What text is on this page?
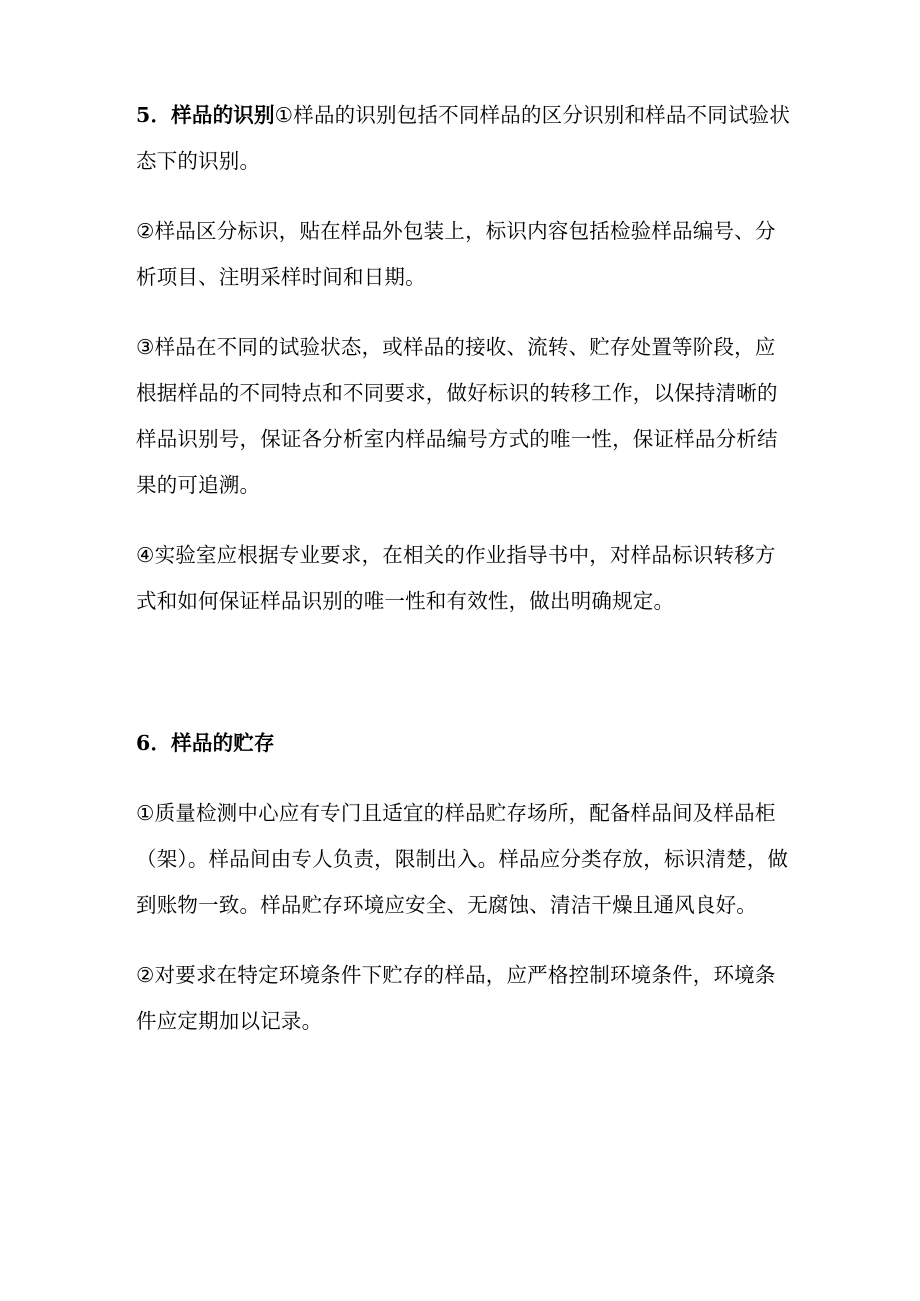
5．样品的识别①样品的识别包括不同样品的区分识别和样品不同试验状态下的识别。

②样品区分标识，贴在样品外包装上，标识内容包括检验样品编号、分析项目、注明采样时间和日期。

③样品在不同的试验状态，或样品的接收、流转、贮存处置等阶段，应根据样品的不同特点和不同要求，做好标识的转移工作，以保持清晰的样品识别号，保证各分析室内样品编号方式的唯一性，保证样品分析结果的可追溯。

④实验室应根据专业要求，在相关的作业指导书中，对样品标识转移方式和如何保证样品识别的唯一性和有效性，做出明确规定。

6．样品的贮存

①质量检测中心应有专门且适宜的样品贮存场所，配备样品间及样品柜（架）。样品间由专人负责，限制出入。样品应分类存放，标识清楚，做到账物一致。样品贮存环境应安全、无腐蚀、清洁干燥且通风良好。

②对要求在特定环境条件下贮存的样品，应严格控制环境条件，环境条件应定期加以记录。
